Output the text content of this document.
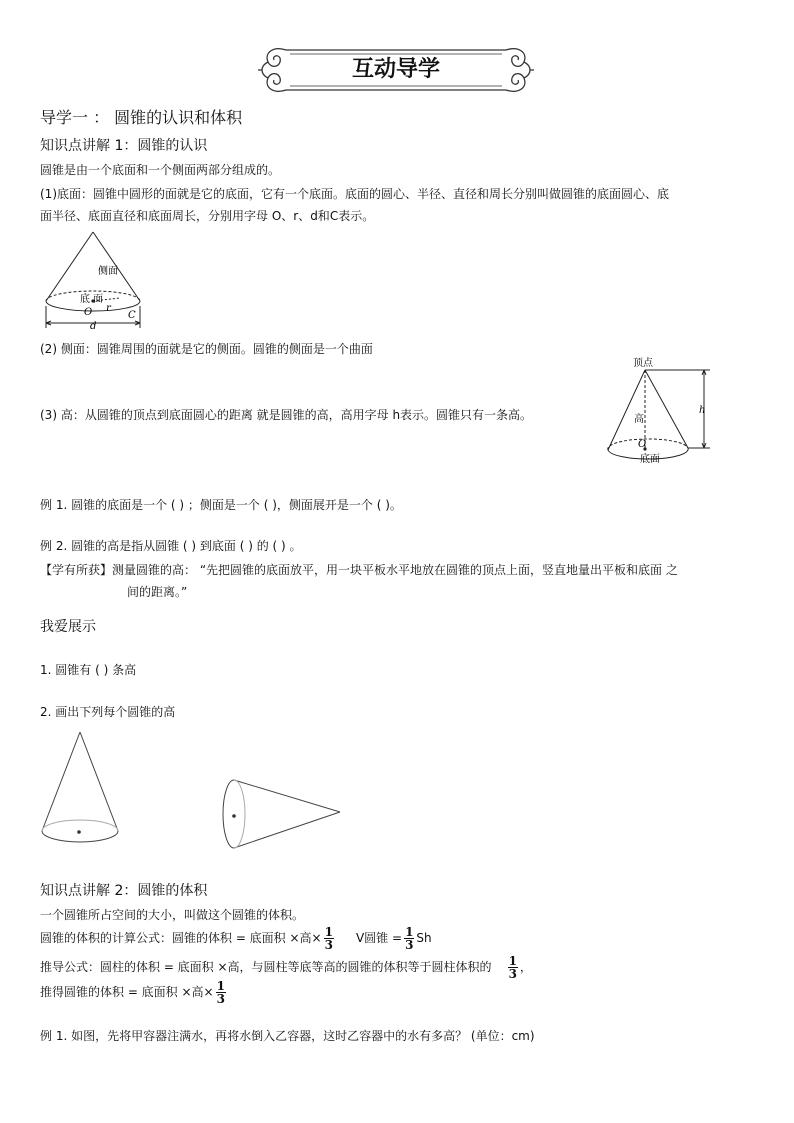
互动导学
导学一 ： 圆锥的认识和体积
知识点讲解 1：圆锥的认识
圆锥是由一个底面和一个侧面两部分组成的。
(1)底面：圆锥中圆形的面就是它的底面，它有一个底面。底面的圆心、半径、直径和周长分别叫做圆锥的底面圆心、底
面半径、底面直径和底面周长，分别用字母 O、r、d和C表示。
侧面
底 面
O r
C
d
(2) 侧面：圆锥周围的面就是它的侧面。圆锥的侧面是一个曲面
顶点
高
h
O
底面
(3) 高：从圆锥的顶点到底面圆心的距离 就是圆锥的高，高用字母 h表示。圆锥只有一条高。
例 1. 圆锥的底面是一个 ( ) ；侧面是一个 ( )，侧面展开是一个 ( )。
例 2. 圆锥的高是指从圆锥 ( ) 到底面 ( ) 的 ( ) 。
【学有所获】测量圆锥的高： “先把圆锥的底面放平，用一块平板水平地放在圆锥的顶点上面，竖直地量出平板和底面 之
间的距离。”
我爱展示
1. 圆锥有 ( ) 条高
2. 画出下列每个圆锥的高
知识点讲解 2：圆锥的体积
一个圆锥所占空间的大小，叫做这个圆锥的体积。
圆锥的体积的计算公式：圆锥的体积 = 底面积 ×高× $\frac{1}{3}$ V圆锥 = $\frac{1}{3}$ Sh
推导公式：圆柱的体积 = 底面积 ×高，与圆柱等底等高的圆锥的体积等于圆柱体积的 $\frac{1}{3}$ ，
推得圆锥的体积 = 底面积 ×高× $\frac{1}{3}$
例 1. 如图，先将甲容器注满水，再将水倒入乙容器，这时乙容器中的水有多高？ (单位：cm)
